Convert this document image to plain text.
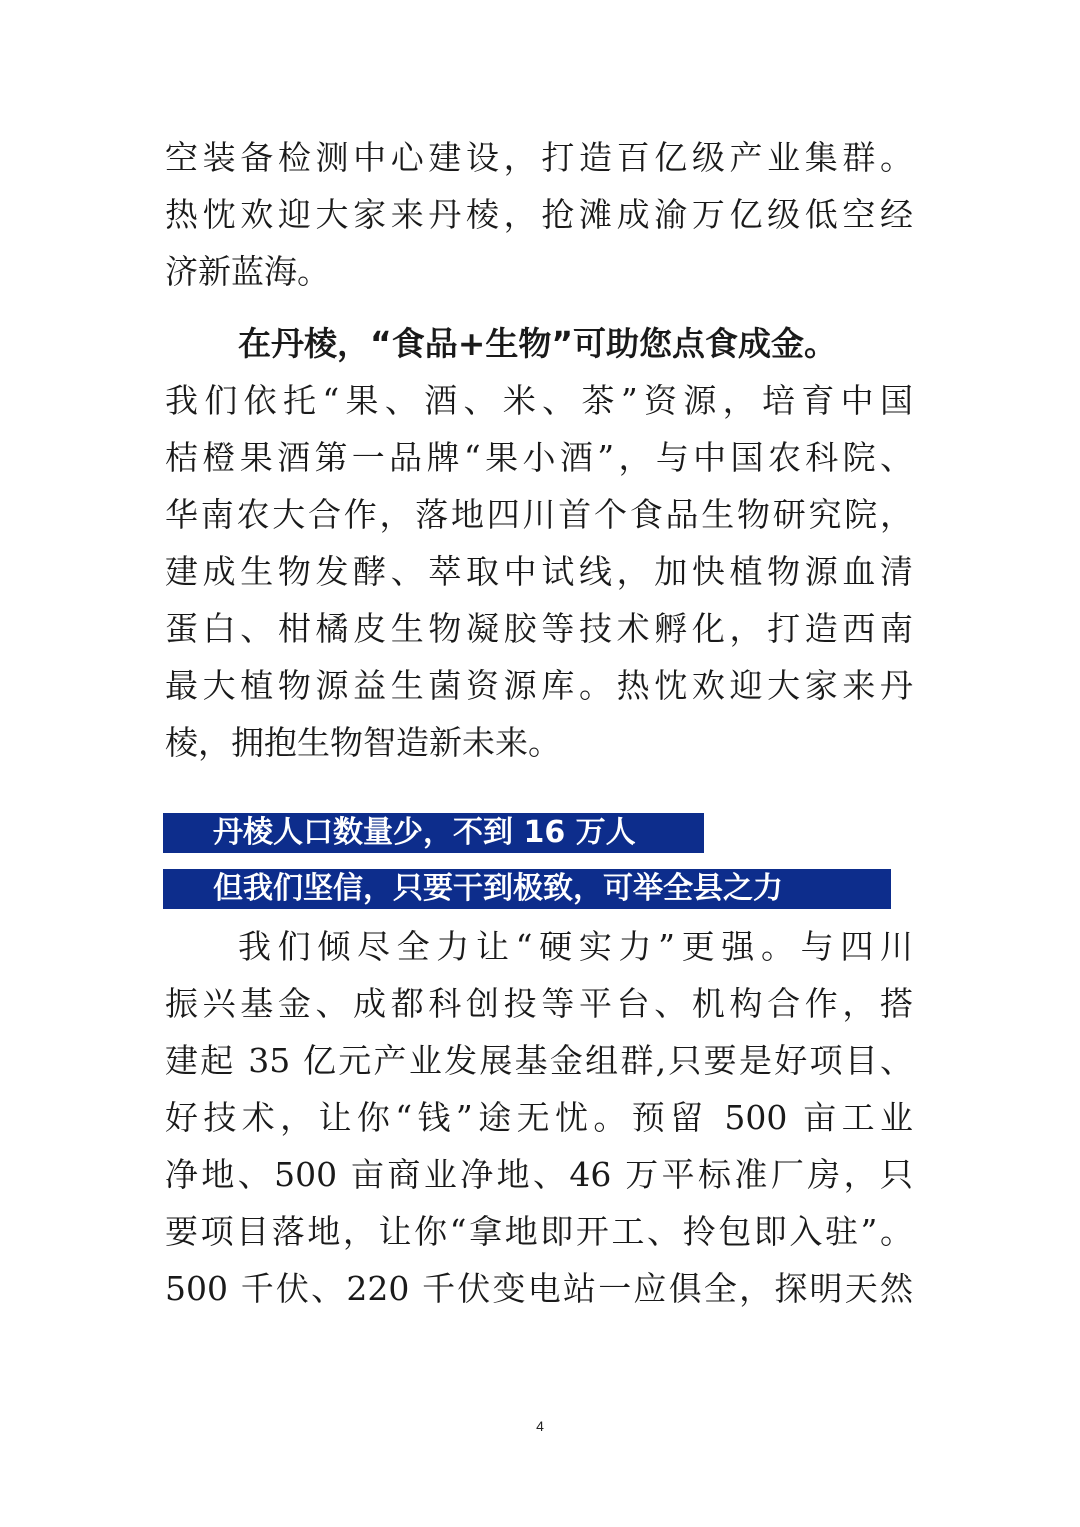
空装备检测中心建设，打造百亿级产业集群。
热忱欢迎大家来丹棱，抢滩成渝万亿级低空经
济新蓝海。
在丹棱，“食品+生物”可助您点食成金。
我们依托“果、酒、米、茶”资源，培育中国
桔橙果酒第一品牌“果小酒”，与中国农科院、
华南农大合作，落地四川首个食品生物研究院，
建成生物发酵、萃取中试线，加快植物源血清
蛋白、柑橘皮生物凝胶等技术孵化，打造西南
最大植物源益生菌资源库。热忱欢迎大家来丹
棱，拥抱生物智造新未来。
丹棱人口数量少，不到 16 万人
但我们坚信，只要干到极致，可举全县之力
我们倾尽全力让“硬实力”更强。与四川
振兴基金、成都科创投等平台、机构合作，搭
建起 35 亿元产业发展基金组群,只要是好项目、
好技术，让你“钱”途无忧。预留 500 亩工业
净地、500 亩商业净地、46 万平标准厂房，只
要项目落地，让你“拿地即开工、拎包即入驻”。
500 千伏、220 千伏变电站一应俱全，探明天然
4
